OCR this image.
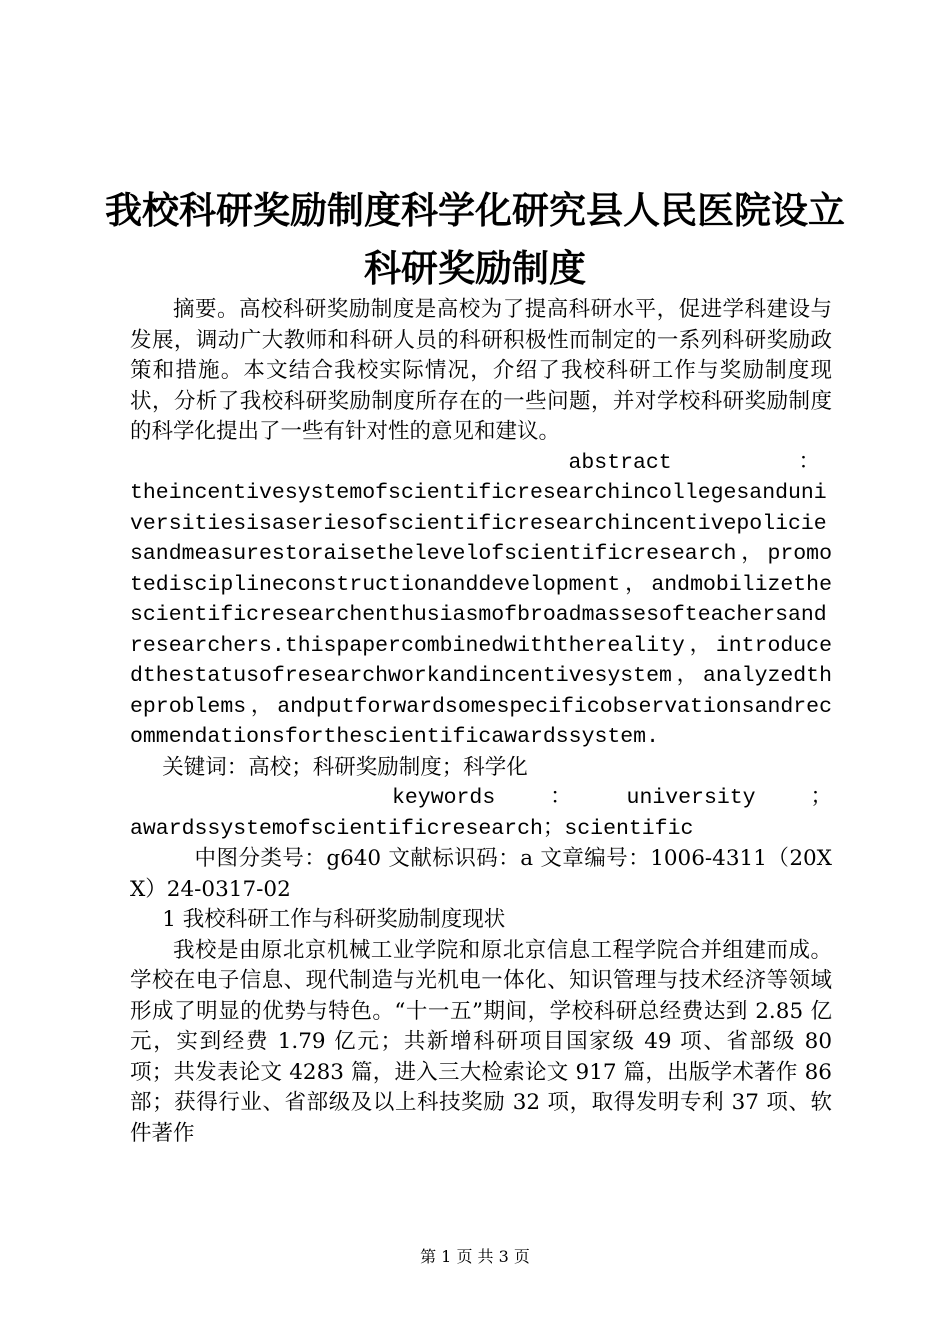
我校科研奖励制度科学化研究县人民医院设立
科研奖励制度

摘要。高校科研奖励制度是高校为了提高科研水平，促进学科建设与发展，调动广大教师和科研人员的科研积极性而制定的一系列科研奖励政策和措施。本文结合我校实际情况，介绍了我校科研工作与奖励制度现状，分析了我校科研奖励制度所存在的一些问题，并对学校科研奖励制度的科学化提出了一些有针对性的意见和建议。

abstract	：

theincentivesystemofscientificresearchincollegesanduniversitiesisaseriesofscientificresearchincentivepoliciesandmeasurestoraisethelevelofscientificresearch，promotedisciplineconstructionanddevelopment，andmobilizethescientificresearchenthusiasmofbroadmassesofteachersandresearchers.thispapercombinedwiththereality，introducedthestatusofresearchworkandincentivesystem，analyzedtheproblems，andputforwardsomespecificobservationsandrecommendationsforthescientificawardssystem.

关键词：高校；科研奖励制度；科学化

keywords	：	university	；

awardssystemofscientificresearch；scientific

中图分类号：g640 文献标识码：a 文章编号：1006-4311（20XX）24-0317-02

1 我校科研工作与科研奖励制度现状

我校是由原北京机械工业学院和原北京信息工程学院合并组建而成。学校在电子信息、现代制造与光机电一体化、知识管理与技术经济等领域形成了明显的优势与特色。“十一五”期间，学校科研总经费达到 2.85 亿元，实到经费 1.79 亿元；共新增科研项目国家级 49 项、省部级 80 项；共发表论文 4283 篇，进入三大检索论文 917 篇，出版学术著作 86 部；获得行业、省部级及以上科技奖励 32 项，取得发明专利 37 项、软件著作

第 1 页 共 3 页
